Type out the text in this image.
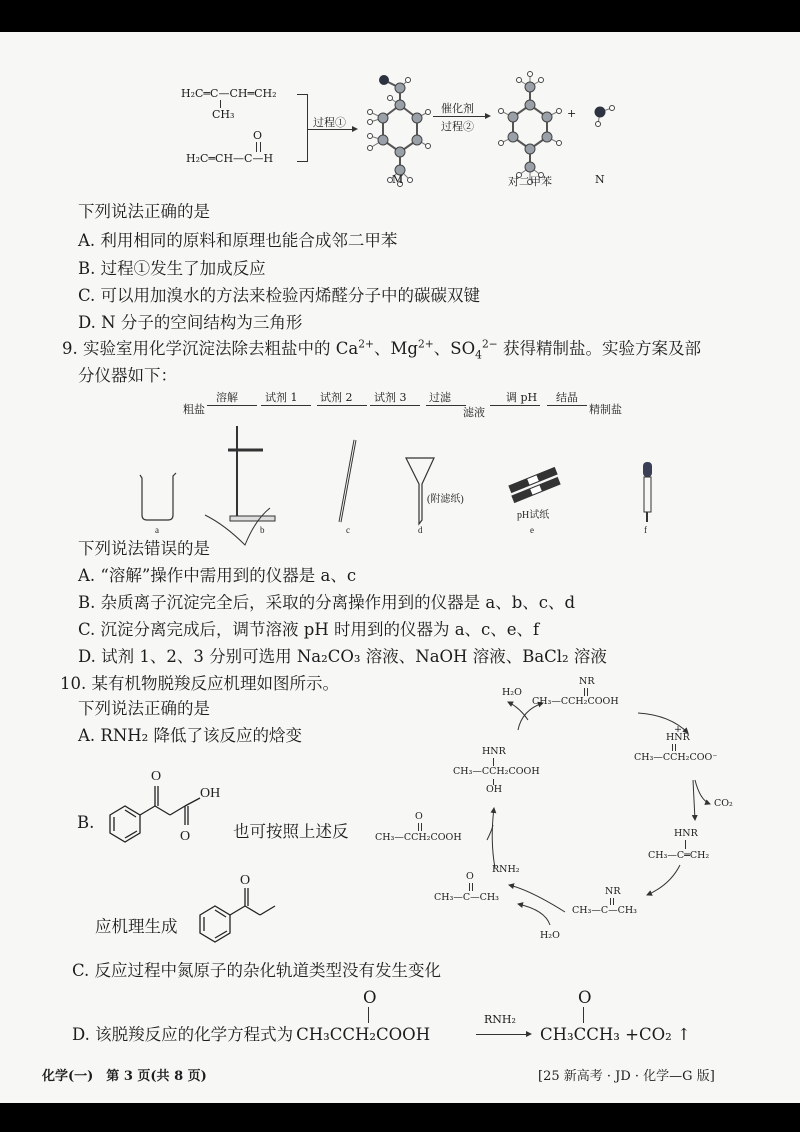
H₂C═C—CH═CH₂
CH₃
O
H₂C═CH—C—H
过程①
M
催化剂
过程②
对二甲苯
+
N
下列说法正确的是
A. 利用相同的原料和原理也能合成邻二甲苯
B. 过程①发生了加成反应
C. 可以用加溴水的方法来检验丙烯醛分子中的碳碳双键
D. N 分子的空间结构为三角形
9. 实验室用化学沉淀法除去粗盐中的 $Ca^{2+}$、$Mg^{2+}$、$SO_4^{2-}$ 获得精制盐。实验方案及部
分仪器如下：
粗盐
溶解 试剂 1 试剂 2 试剂 3 过滤
滤液
调 pH 结晶
精制盐
a	b	c
(附滤纸)
d
pH试纸
e	f
下列说法错误的是
A. “溶解”操作中需用到的仪器是 a、c
B. 杂质离子沉淀完全后，采取的分离操作用到的仪器是 a、b、c、d
C. 沉淀分离完成后，调节溶液 pH 时用到的仪器为 a、c、e、f
D. 试剂 1、2、3 分别可选用 Na₂CO₃ 溶液、NaOH 溶液、BaCl₂ 溶液
10. 某有机物脱羧反应机理如图所示。
下列说法正确的是
A. RNH₂ 降低了该反应的焓变
B.
O
OH
O	也可按照上述反
应机理生成
O
C. 反应过程中氮原子的杂化轨道类型没有发生变化
D. 该脱羧反应的化学方程式为 CH₃CCH₂COOH
O
RNH₂
CH₃CCH₃ +CO₂ ↑
O
H₂O
NR
CH₃—CCH₂COOH
+
HNR
CH₃—CCH₂COO⁻
CO₂
HNR
CH₃—C═CH₂
NR
CH₃—C—CH₃
H₂O
O
CH₃—C—CH₃
RNH₂
O
CH₃—CCH₂COOH
HNR
CH₃—CCH₂COOH
OH
化学(一)　第 3 页(共 8 页)	[25 新高考 · JD · 化学—G 版]
